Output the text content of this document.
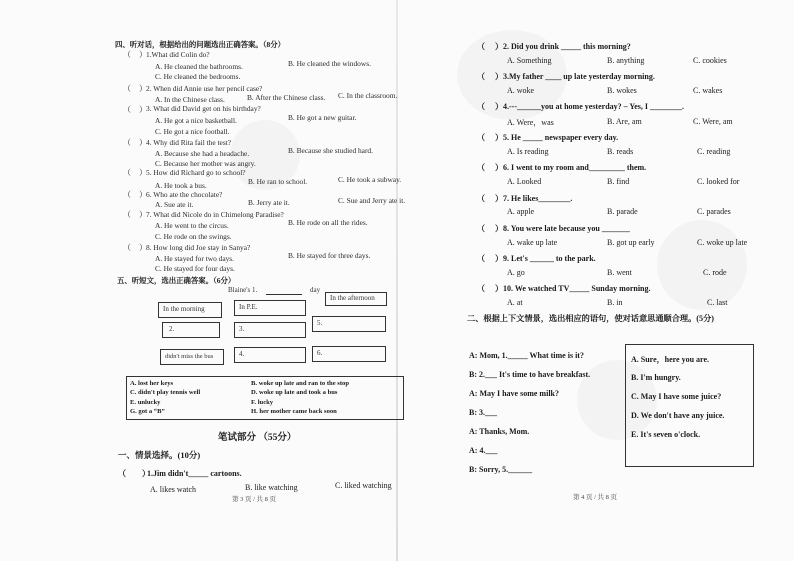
四、听对话，根据给出的问题选出正确答案。（8分）
（　） 1.What did Colin do?
A. He cleaned the bathrooms.	B. He cleaned the windows.
C. He cleaned the bedrooms.
（　） 2. When did Annie use her pencil case?
A. In the Chinese class.	B. After the Chinese class. C. In the classroom.
（　） 3. What did David get on his birthday?
A. He got a nice basketball.	B. He got a new guitar.
C. He got a nice football.
（　） 4. Why did Rita fail the test?
A. Because she had a headache.	B. Because she studied hard.
C. Because her mother was angry.
（　） 5. How did Richard go to school?
A. He took a bus.	B. He ran to school.	C. He took a subway.
（　） 6. Who ate the chocolate?
A. Sue ate it.	B. Jerry ate it.	C. Sue and Jerry ate it.
（　） 7. What did Nicole do in Chimelong Paradise?
A. He went to the circus.	B. He rode on all the rides.
C. He rode on the swings.
（　） 8. How long did Joe stay in Sanya?
A. He stayed for two days.	B. He stayed for three days.
C. He stayed for four days.
五、听短文，选出正确答案。（6分）
Blaine's 1.	day
In the afternoon
In the morning	In P.E.
2.	3.
5.
didn't miss the bus	4.	6.
A. lost her keys
C. didn't play tennis well
E. unlucky
G. got a “B”
B. woke up late and ran to the stop
D. woke up late and took a bus
F. lucky
H. her mother came back soon
笔试部分 （55分）
一、情景选择。(10分)
（　　）
1.Jim didn't_____ cartoons.
A. likes watch	B. like watching	C. liked watching
第 3 页 / 共 8 页
（ ）2. Did you drink _____ this morning?
A. Something	B. anything	C. cookies
（ ）3.My father ____ up late yesterday morning.
A. woke	B. wokes	C. wakes
（ ）4.---______you at home yesterday? – Yes, I ________.
A. Were，was	B. Are, am	C. Were, am
（ ）5. He _____ newspaper every day.
A. Is reading	B. reads	C. reading
（ ）6. I went to my room and_________ them.
A. Looked	B. find	C. looked for
（ ）7. He likes________.
A. apple	B. parade	C. parades
（ ）8. You were late because you _______
A. wake up late	B. got up early	C. woke up late
（ ）9. Let's ______ to the park.
A. go	B. went	C. rode
（ ）10. We watched TV_____ Sunday morning.
A. at	B. in	C. last
二、根据上下文情景，选出相应的语句，使对话意思通顺合理。(5分)
A: Mom, 1._____ What time is it?
B: 2.___ It's time to have breakfast.
A: May I have some milk?
B: 3.___
A: Thanks, Mom.
A: 4.___
B: Sorry, 5.______
A. Sure，here you are.
B. I'm hungry.
C. May I have some juice?
D. We don't have any juice.
E. It's seven o'clock.
第 4 页 / 共 8 页
